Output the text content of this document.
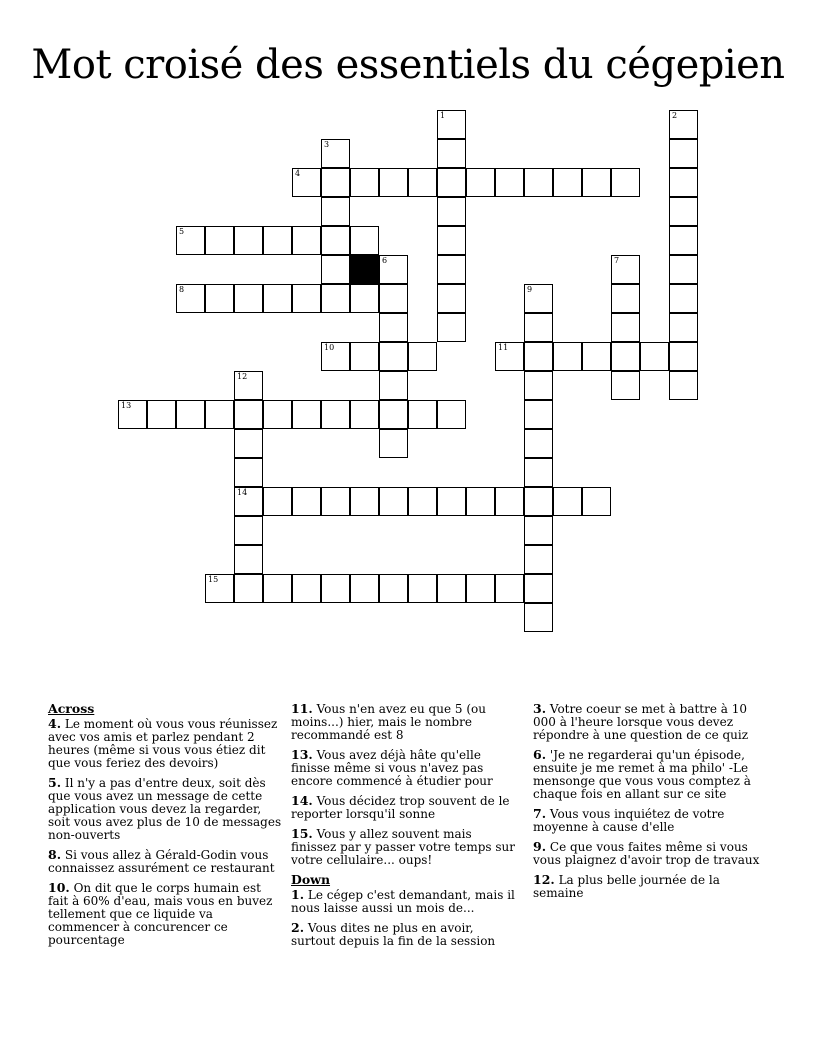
Mot croisé des essentiels du cégepien
1	2
3
4
5
6	7
8	9
10	11
12
14
13
15
Across
4. Le moment où vous vous réunissez avec vos amis et parlez pendant 2 heures (même si vous vous étiez dit que vous feriez des devoirs)
5. Il n'y a pas d'entre deux, soit dès que vous avez un message de cette application vous devez la regarder, soit vous avez plus de 10 de messages non-ouverts
8. Si vous allez à Gérald-Godin vous connaissez assurément ce restaurant
10. On dit que le corps humain est fait à 60% d'eau, mais vous en buvez tellement que ce liquide va commencer à concurencer ce pourcentage
11. Vous n'en avez eu que 5 (ou moins...) hier, mais le nombre recommandé est 8
13. Vous avez déjà hâte qu'elle finisse même si vous n'avez pas encore commencé à étudier pour
14. Vous décidez trop souvent de le reporter lorsqu'il sonne
15. Vous y allez souvent mais finissez par y passer votre temps sur votre cellulaire... oups!
Down
1. Le cégep c'est demandant, mais il nous laisse aussi un mois de...
2. Vous dites ne plus en avoir, surtout depuis la fin de la session
3. Votre coeur se met à battre à 10 000 à l'heure lorsque vous devez répondre à une question de ce quiz
6. 'Je ne regarderai qu'un épisode, ensuite je me remet à ma philo' -Le mensonge que vous vous comptez à chaque fois en allant sur ce site
7. Vous vous inquiétez de votre moyenne à cause d'elle
9. Ce que vous faites même si vous vous plaignez d'avoir trop de travaux
12. La plus belle journée de la semaine
